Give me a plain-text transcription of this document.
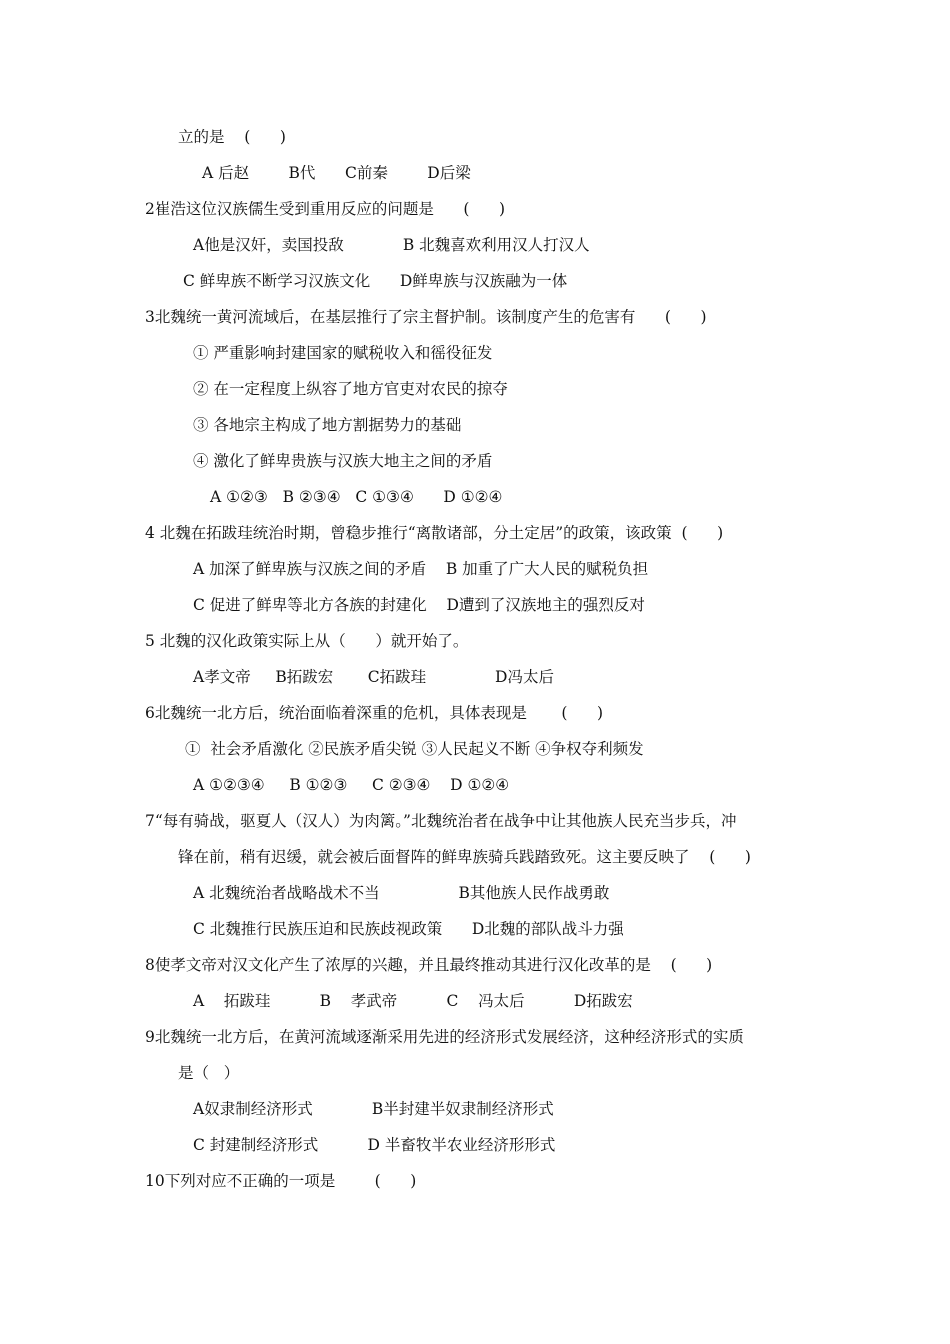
立的是    (      )
A 后赵        B代      C前秦        D后梁
2崔浩这位汉族儒生受到重用反应的问题是      (      )
A他是汉奸，卖国投敌            B 北魏喜欢利用汉人打汉人
C 鲜卑族不断学习汉族文化      D鲜卑族与汉族融为一体
3北魏统一黄河流域后，在基层推行了宗主督护制。该制度产生的危害有      (      )
① 严重影响封建国家的赋税收入和徭役征发
② 在一定程度上纵容了地方官吏对农民的掠夺
③ 各地宗主构成了地方割据势力的基础
④ 激化了鲜卑贵族与汉族大地主之间的矛盾
A ①②③   B ②③④   C ①③④      D ①②④
4 北魏在拓跋珪统治时期，曾稳步推行“离散诸部，分土定居”的政策，该政策  (      )
A 加深了鲜卑族与汉族之间的矛盾    B 加重了广大人民的赋税负担
C 促进了鲜卑等北方各族的封建化    D遭到了汉族地主的强烈反对
5 北魏的汉化政策实际上从（      ）就开始了。
A孝文帝     B拓跋宏       C拓跋珪              D冯太后
6北魏统一北方后，统治面临着深重的危机，具体表现是       (      )
①  社会矛盾激化 ②民族矛盾尖锐 ③人民起义不断 ④争权夺利频发
A ①②③④     B ①②③     C ②③④    D ①②④
7“每有骑战，驱夏人（汉人）为肉篱。”北魏统治者在战争中让其他族人民充当步兵，冲
锋在前，稍有迟缓，就会被后面督阵的鲜卑族骑兵践踏致死。这主要反映了    (      )
A 北魏统治者战略战术不当                B其他族人民作战勇敢
C 北魏推行民族压迫和民族歧视政策      D北魏的部队战斗力强
8使孝文帝对汉文化产生了浓厚的兴趣，并且最终推动其进行汉化改革的是    (      )
A    拓跋珪          B    孝武帝          C    冯太后          D拓跋宏
9北魏统一北方后，在黄河流域逐渐采用先进的经济形式发展经济，这种经济形式的实质
是（   ）
A奴隶制经济形式            B半封建半奴隶制经济形式
C 封建制经济形式          D 半畜牧半农业经济形形式
10下列对应不正确的一项是        (      )
